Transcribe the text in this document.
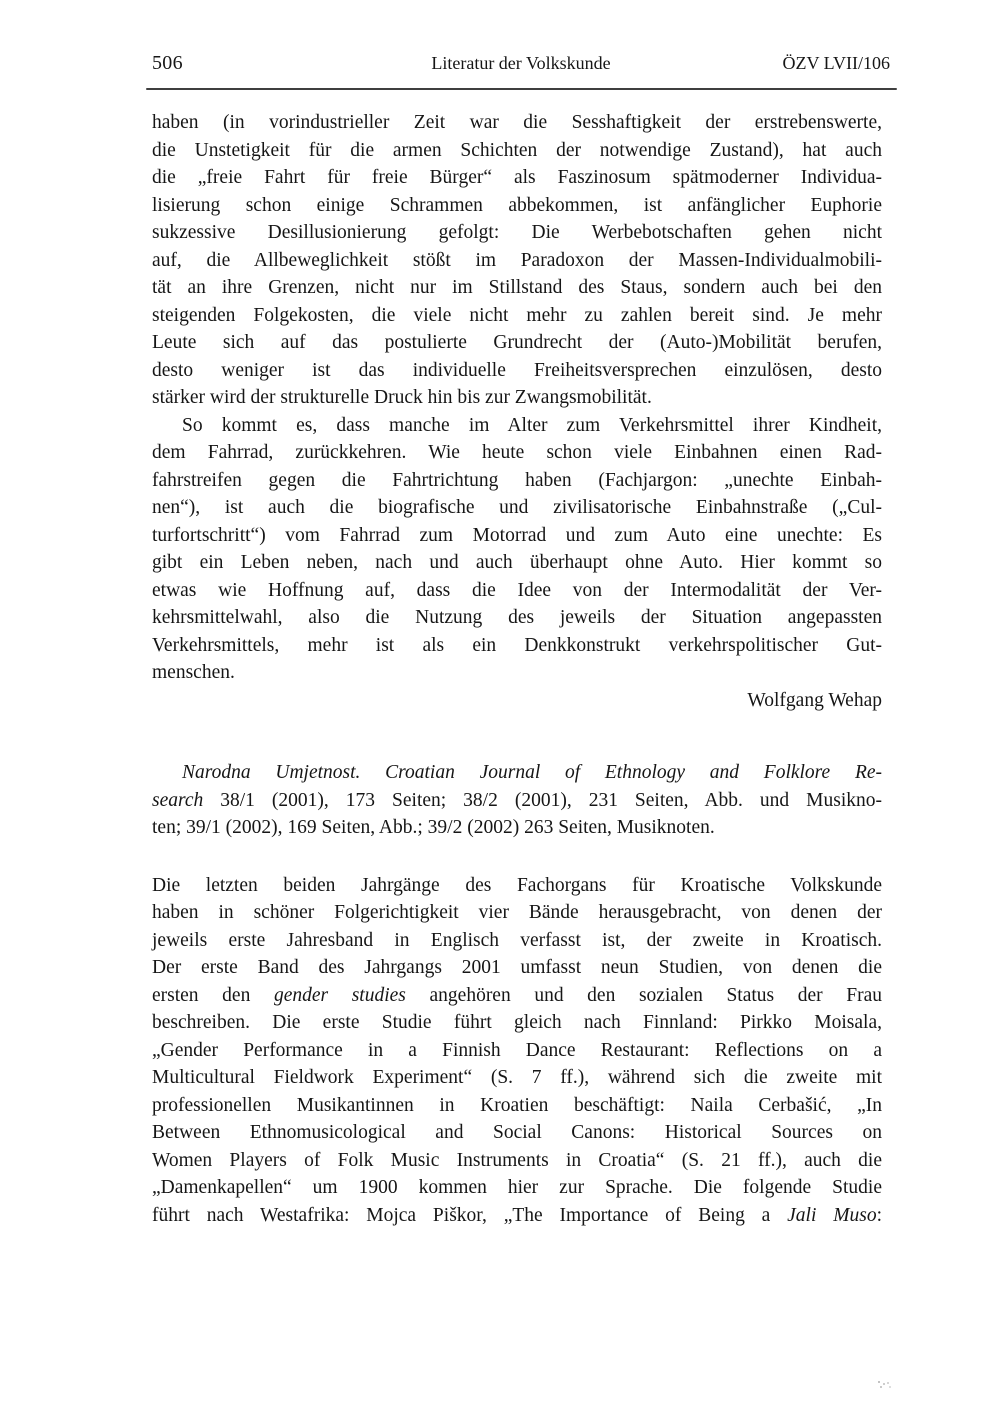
506	Literatur der Volkskunde	ÖZV LVII/106
haben (in vorindustrieller Zeit war die Sesshaftigkeit der erstrebenswerte,
die Unstetigkeit für die armen Schichten der notwendige Zustand), hat auch
die „freie Fahrt für freie Bürger“ als Faszinosum spätmoderner Individua-
lisierung schon einige Schrammen abbekommen, ist anfänglicher Euphorie
sukzessive Desillusionierung gefolgt: Die Werbebotschaften gehen nicht
auf, die Allbeweglichkeit stößt im Paradoxon der Massen-Individualmobili-
tät an ihre Grenzen, nicht nur im Stillstand des Staus, sondern auch bei den
steigenden Folgekosten, die viele nicht mehr zu zahlen bereit sind. Je mehr
Leute sich auf das postulierte Grundrecht der (Auto-)Mobilität berufen,
desto weniger ist das individuelle Freiheitsversprechen einzulösen, desto
stärker wird der strukturelle Druck hin bis zur Zwangsmobilität.
So kommt es, dass manche im Alter zum Verkehrsmittel ihrer Kindheit,
dem Fahrrad, zurückkehren. Wie heute schon viele Einbahnen einen Rad-
fahrstreifen gegen die Fahrtrichtung haben (Fachjargon: „unechte Einbah-
nen“), ist auch die biografische und zivilisatorische Einbahnstraße („Cul-
turfortschritt“) vom Fahrrad zum Motorrad und zum Auto eine unechte: Es
gibt ein Leben neben, nach und auch überhaupt ohne Auto. Hier kommt so
etwas wie Hoffnung auf, dass die Idee von der Intermodalität der Ver-
kehrsmittelwahl, also die Nutzung des jeweils der Situation angepassten
Verkehrsmittels, mehr ist als ein Denkkonstrukt verkehrspolitischer Gut-
menschen.
Wolfgang Wehap
Narodna Umjetnost. Croatian Journal of Ethnology and Folklore Re-
search 38/1 (2001), 173 Seiten; 38/2 (2001), 231 Seiten, Abb. und Musikno-
ten; 39/1 (2002), 169 Seiten, Abb.; 39/2 (2002) 263 Seiten, Musiknoten.
Die letzten beiden Jahrgänge des Fachorgans für Kroatische Volkskunde
haben in schöner Folgerichtigkeit vier Bände herausgebracht, von denen der
jeweils erste Jahresband in Englisch verfasst ist, der zweite in Kroatisch.
Der erste Band des Jahrgangs 2001 umfasst neun Studien, von denen die
ersten den gender studies angehören und den sozialen Status der Frau
beschreiben. Die erste Studie führt gleich nach Finnland: Pirkko Moisala,
„Gender Performance in a Finnish Dance Restaurant: Reflections on a
Multicultural Fieldwork Experiment“ (S. 7 ff.), während sich die zweite mit
professionellen Musikantinnen in Kroatien beschäftigt: Naila Cerbašić, „In
Between Ethnomusicological and Social Canons: Historical Sources on
Women Players of Folk Music Instruments in Croatia“ (S. 21 ff.), auch die
„Damenkapellen“ um 1900 kommen hier zur Sprache. Die folgende Studie
führt nach Westafrika: Mojca Piškor, „The Importance of Being a Jali Muso:
